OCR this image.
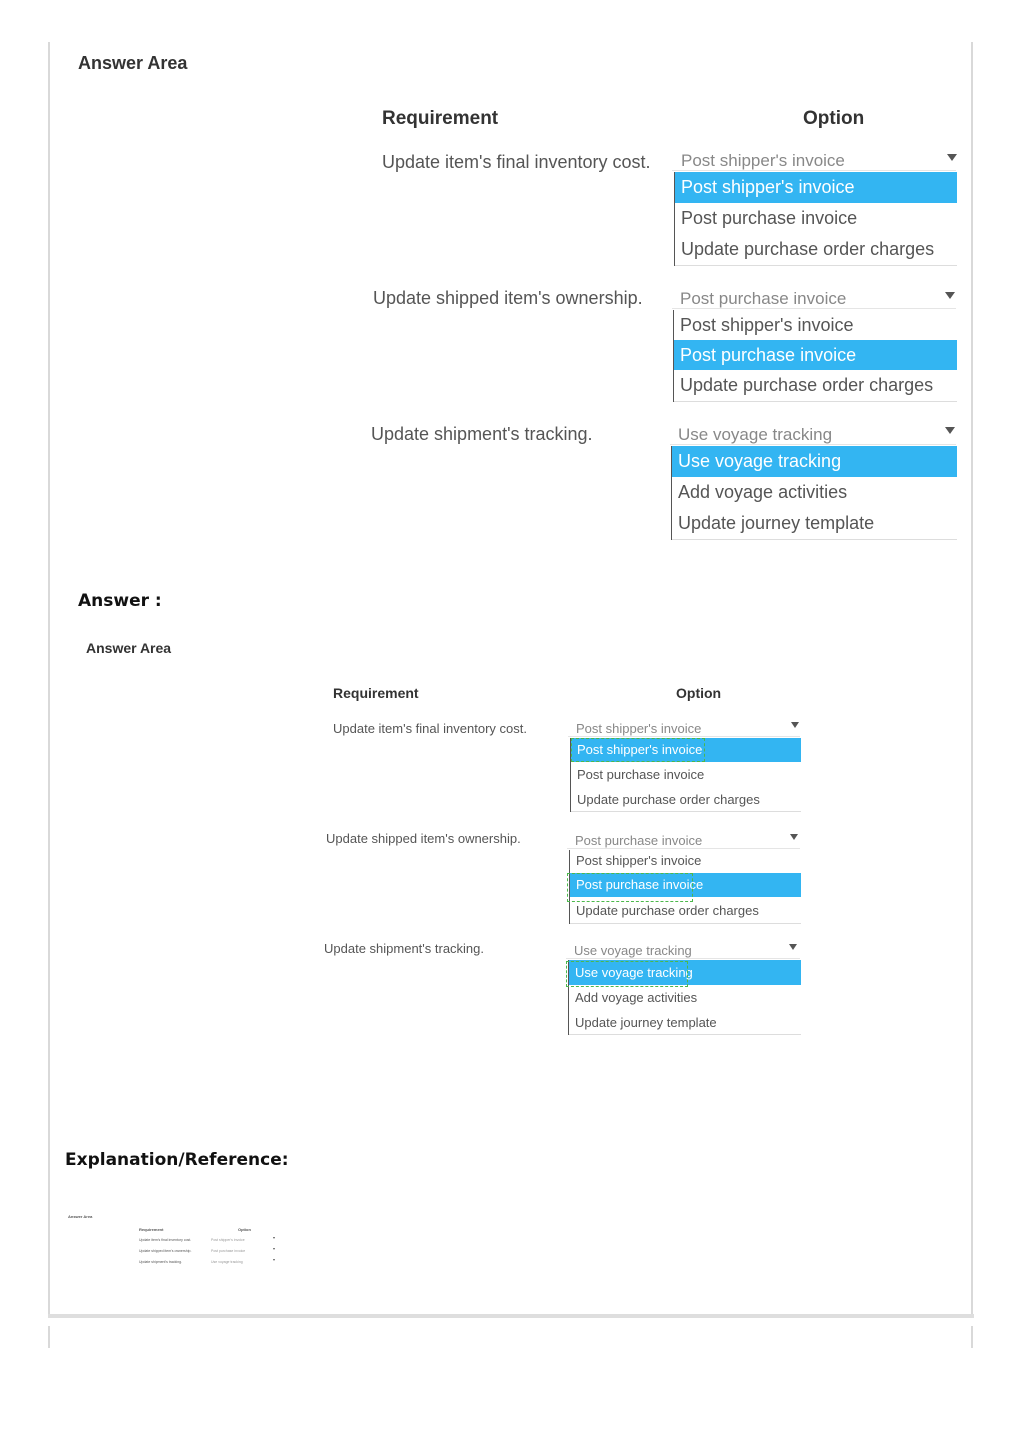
Answer Area
Requirement	Option
Update item's final inventory cost. Post shipper's invoice
Post shipper's invoice
Post purchase invoice
Update purchase order charges
Update shipped item's ownership. Post purchase invoice
Post shipper's invoice
Post purchase invoice
Update purchase order charges
Update shipment's tracking.	Use voyage tracking
Use voyage tracking
Add voyage activities
Update journey template
Answer :
Answer Area
Requirement	Option
Update item's final inventory cost.	Post shipper's invoice
Post shipper's invoice
Post purchase invoice
Update purchase order charges
Update shipped item's ownership.	Post purchase invoice
Post shipper's invoice
Post purchase invoice
Update purchase order charges
Update shipment's tracking.	Use voyage tracking
Use voyage tracking
Add voyage activities
Update journey template
Explanation/Reference:
Answer Area
Requirement	Option
Update item's final inventory cost.	Post shipper's invoice
Update shipped item's ownership.	Post purchase invoice
Update shipment's tracking.	Use voyage tracking
